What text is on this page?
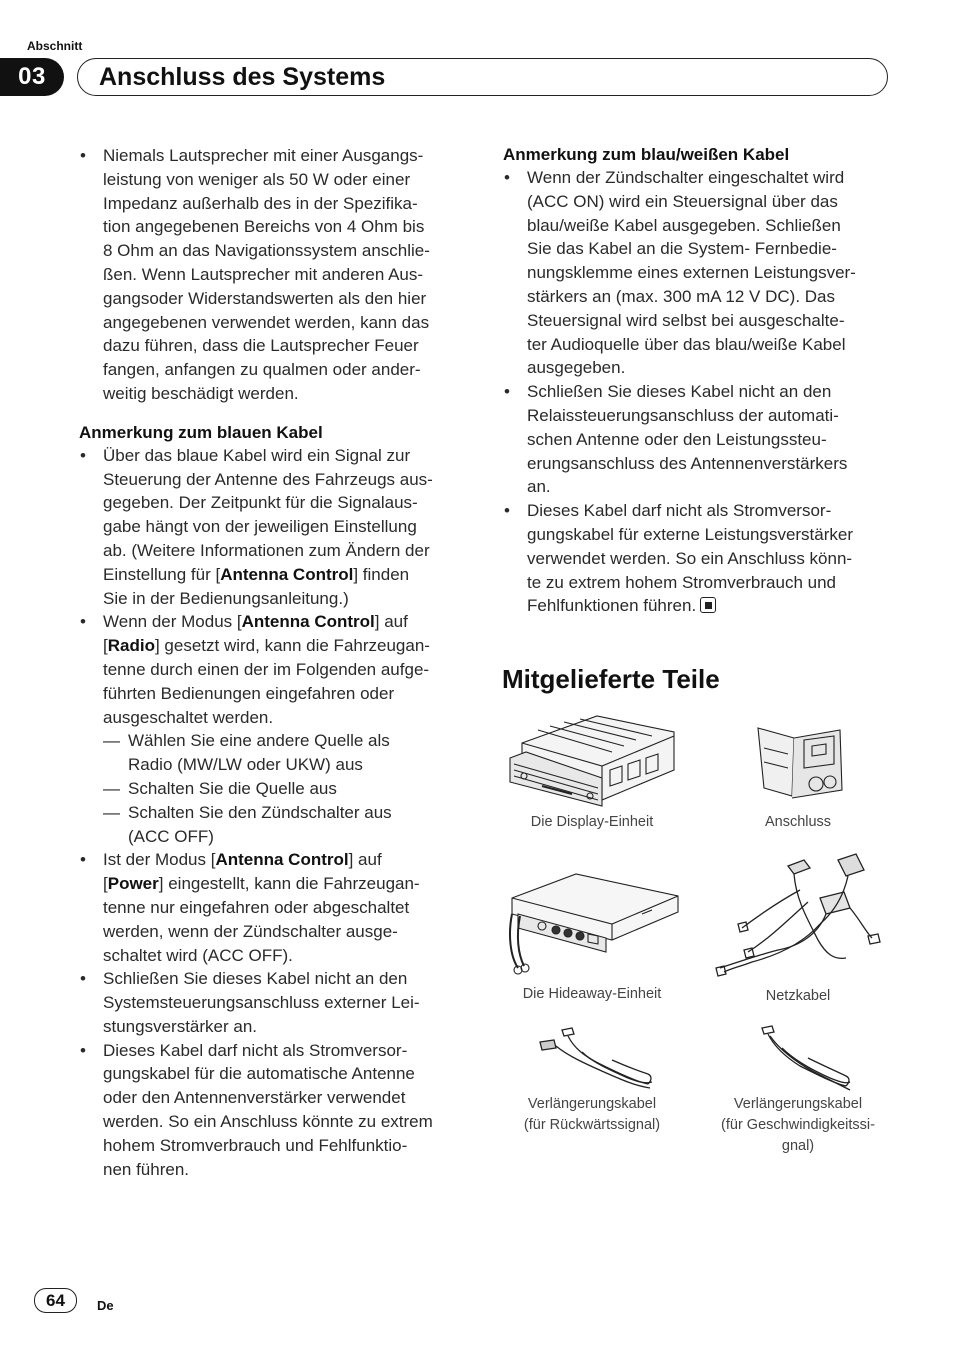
Abschnitt
03	Anschluss des Systems
• Niemals Lautsprecher mit einer Ausgangs-
leistung von weniger als 50 W oder einer
Impedanz außerhalb des in der Spezifika-
tion angegebenen Bereichs von 4 Ohm bis
8 Ohm an das Navigationssystem anschlie-
ßen. Wenn Lautsprecher mit anderen Aus-
gangsoder Widerstandswerten als den hier
angegebenen verwendet werden, kann das
dazu führen, dass die Lautsprecher Feuer
fangen, anfangen zu qualmen oder ander-
weitig beschädigt werden.
Anmerkung zum blauen Kabel
• Über das blaue Kabel wird ein Signal zur
Steuerung der Antenne des Fahrzeugs aus-
gegeben. Der Zeitpunkt für die Signalaus-
gabe hängt von der jeweiligen Einstellung
ab. (Weitere Informationen zum Ändern der
Einstellung für [Antenna Control] finden
Sie in der Bedienungsanleitung.)
• Wenn der Modus [Antenna Control] auf
[Radio] gesetzt wird, kann die Fahrzeugan-
tenne durch einen der im Folgenden aufge-
führten Bedienungen eingefahren oder
ausgeschaltet werden.
— Wählen Sie eine andere Quelle als
Radio (MW/LW oder UKW) aus
— Schalten Sie die Quelle aus
— Schalten Sie den Zündschalter aus
(ACC OFF)
• Ist der Modus [Antenna Control] auf
[Power] eingestellt, kann die Fahrzeugan-
tenne nur eingefahren oder abgeschaltet
werden, wenn der Zündschalter ausge-
schaltet wird (ACC OFF).
• Schließen Sie dieses Kabel nicht an den
Systemsteuerungsanschluss externer Lei-
stungsverstärker an.
• Dieses Kabel darf nicht als Stromversor-
gungskabel für die automatische Antenne
oder den Antennenverstärker verwendet
werden. So ein Anschluss könnte zu extrem
hohem Stromverbrauch und Fehlfunktio-
nen führen.
Anmerkung zum blau/weißen Kabel
• Wenn der Zündschalter eingeschaltet wird
(ACC ON) wird ein Steuersignal über das
blau/weiße Kabel ausgegeben. Schließen
Sie das Kabel an die System- Fernbedie-
nungsklemme eines externen Leistungsver-
stärkers an (max. 300 mA 12 V DC). Das
Steuersignal wird selbst bei ausgeschalte-
ter Audioquelle über das blau/weiße Kabel
ausgegeben.
• Schließen Sie dieses Kabel nicht an den
Relaissteuerungsanschluss der automati-
schen Antenne oder den Leistungssteu-
erungsanschluss des Antennenverstärkers
an.
• Dieses Kabel darf nicht als Stromversor-
gungskabel für externe Leistungsverstärker
verwendet werden. So ein Anschluss könn-
te zu extrem hohem Stromverbrauch und
Fehlfunktionen führen.
Mitgelieferte Teile
Die Display-Einheit	Anschluss
Die Hideaway-Einheit	Netzkabel
Verlängerungskabel
(für Rückwärtssignal)
Verlängerungskabel
(für Geschwindigkeitssi-
gnal)
64	De
